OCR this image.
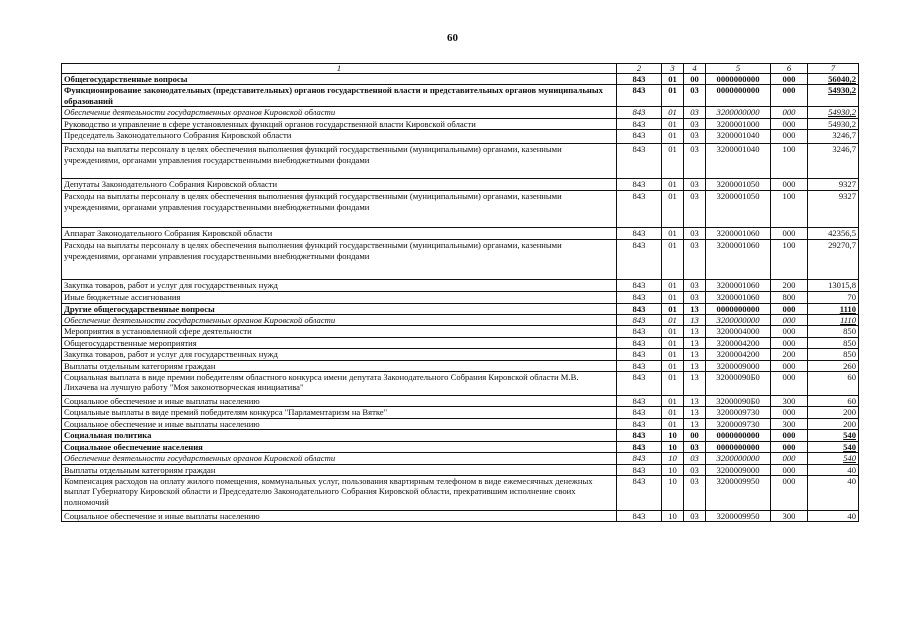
60
1	2	3	4	5	6	7
Общегосударственные вопросы	843	01	00	0000000000	000	56040,2
Функционирование законодательных (представительных) органов государственной власти и представительных органов муниципальных образований	843	01	03	0000000000	000	54930,2
Обеспечение деятельности государственных органов Кировской области	843	01	03	3200000000	000	54930,2
Руководство и управление в сфере установленных функций органов государственной власти Кировской области	843	01	03	3200001000	000	54930,2
Председатель Законодательного Собрания Кировской области	843	01	03	3200001040	000	3246,7
Расходы на выплаты персоналу в целях обеспечения выполнения функций государственными (муниципальными) органами, казенными учреждениями, органами управления государственными внебюджетными фондами	843	01	03	3200001040	100	3246,7
Депутаты Законодательного Собрания Кировской области	843	01	03	3200001050	000	9327
Расходы на выплаты персоналу в целях обеспечения выполнения функций государственными (муниципальными) органами, казенными учреждениями, органами управления государственными внебюджетными фондами	843	01	03	3200001050	100	9327
Аппарат Законодательного Собрания Кировской области	843	01	03	3200001060	000	42356,5
Расходы на выплаты персоналу в целях обеспечения выполнения функций государственными (муниципальными) органами, казенными учреждениями, органами управления государственными внебюджетными фондами	843	01	03	3200001060	100	29270,7
Закупка товаров, работ и услуг для государственных нужд	843	01	03	3200001060	200	13015,8
Иные бюджетные ассигнования	843	01	03	3200001060	800	70
Другие общегосударственные вопросы	843	01	13	0000000000	000	1110
Обеспечение деятельности государственных органов Кировской области	843	01	13	3200000000	000	1110
Мероприятия в установленной сфере деятельности	843	01	13	3200004000	000	850
Общегосударственные мероприятия	843	01	13	3200004200	000	850
Закупка товаров, работ и услуг для государственных нужд	843	01	13	3200004200	200	850
Выплаты отдельным категориям граждан	843	01	13	3200009000	000	260
Социальная выплата в виде премии победителям областного конкурса имени депутата Законодательного Собрания Кировской области М.В. Лихачева на лучшую работу "Моя законотворческая инициатива"	843	01	13	32000090Б0	000	60
Социальное обеспечение и иные выплаты населению	843	01	13	32000090Б0	300	60
Социальные выплаты в виде премий победителям конкурса "Парламентаризм на Вятке"	843	01	13	3200009730	000	200
Социальное обеспечение и иные выплаты населению	843	01	13	3200009730	300	200
Социальная политика	843	10	00	0000000000	000	540
Социальное обеспечение населения	843	10	03	0000000000	000	540
Обеспечение деятельности государственных органов Кировской области	843	10	03	3200000000	000	540
Выплаты отдельным категориям граждан	843	10	03	3200009000	000	40
Компенсация расходов на оплату жилого помещения, коммунальных услуг, пользования квартирным телефоном в виде ежемесячных денежных выплат Губернатору Кировской области и Председателю Законодательного Собрания Кировской области, прекратившим исполнение своих полномочий	843	10	03	3200009950	000	40
Социальное обеспечение и иные выплаты населению	843	10	03	3200009950	300	40
